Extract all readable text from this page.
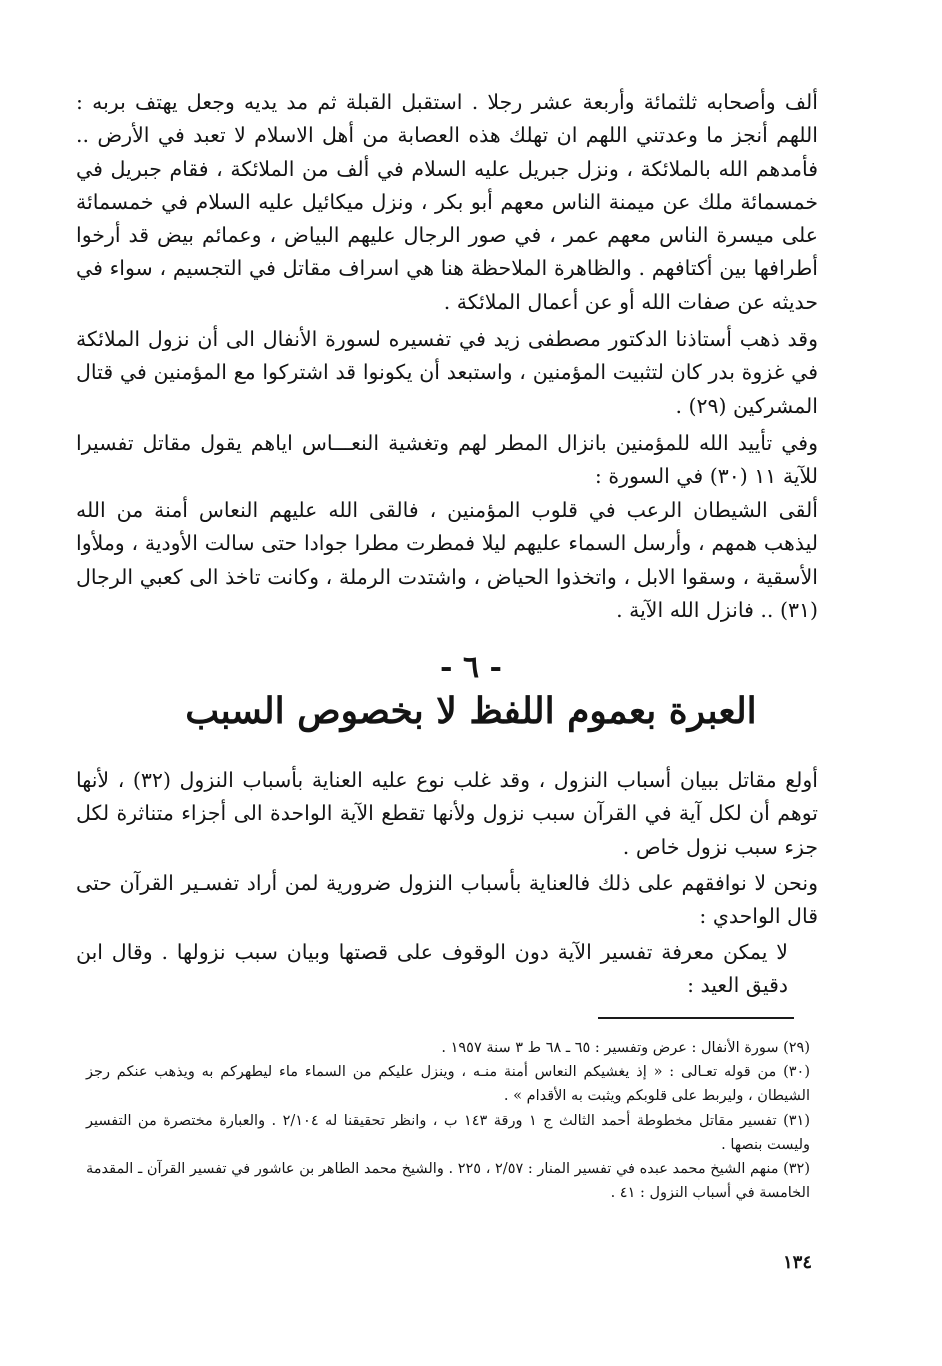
ألف وأصحابه ثلثمائة وأربعة عشر رجلا . استقبل القبلة ثم مد يديه وجعل يهتف بربه : اللهم أنجز ما وعدتني اللهم ان تهلك هذه العصابة من أهل الاسلام لا تعبد في الأرض .. فأمدهم الله بالملائكة ، ونزل جبريل عليه السلام في ألف من الملائكة ، فقام جبريل في خمسمائة ملك عن ميمنة الناس معهم أبو بكر ، ونزل ميكائيل عليه السلام في خمسمائة على ميسرة الناس معهم عمر ، في صور الرجال عليهم البياض ، وعمائم بيض قد أرخوا أطرافها بين أكتافهم . والظاهرة الملاحظة هنا هي اسراف مقاتل في التجسيم ، سواء في حديثه عن صفات الله أو عن أعمال الملائكة .

وقد ذهب أستاذنا الدكتور مصطفى زيد في تفسيره لسورة الأنفال الى أن نزول الملائكة في غزوة بدر كان لتثبيت المؤمنين ، واستبعد أن يكونوا قد اشتركوا مع المؤمنين في قتال المشركين (٢٩) .

وفي تأييد الله للمؤمنين بانزال المطر لهم وتغشية النعـــاس اياهم يقول مقاتل تفسيرا للآية ١١ (٣٠) في السورة :

ألقى الشيطان الرعب في قلوب المؤمنين ، فالقى الله عليهم النعاس أمنة من الله ليذهب همهم ، وأرسل السماء عليهم ليلا فمطرت مطرا جوادا حتى سالت الأودية ، وملأوا الأسقية ، وسقوا الابل ، واتخذوا الحياض ، واشتدت الرملة ، وكانت تاخذ الى كعبي الرجال (٣١) .. فانزل الله الآية .

- ٦ -
العبرة بعموم اللفظ لا بخصوص السبب

أولع مقاتل ببيان أسباب النزول ، وقد غلب نوع عليه العناية بأسباب النزول (٣٢) ، لأنها توهم أن لكل آية في القرآن سبب نزول ولأنها تقطع الآية الواحدة الى أجزاء متناثرة لكل جزء سبب نزول خاص .

ونحن لا نوافقهم على ذلك فالعناية بأسباب النزول ضرورية لمن أراد تفسـير القرآن حتى قال الواحدي :

لا يمكن معرفة تفسير الآية دون الوقوف على قصتها وبيان سبب نزولها . وقال ابن دقيق العيد :

(٢٩) سورة الأنفال : عرض وتفسير : ٦٥ ـ ٦٨ ط ٣ سنة ١٩٥٧ .

(٣٠) من قوله تعـالى : « إذ يغشيكم النعاس أمنة منـه ، وينزل عليكم من السماء ماء ليطهركم به ويذهب عنكم رجز الشيطان ، وليربط على قلوبكم ويثبت به الأقدام » .

(٣١) تفسير مقاتل مخطوطة أحمد الثالث ج ١ ورقة ١٤٣ ب ، وانظر تحقيقنا له ٢/١٠٤ . والعبارة مختصرة من التفسير وليست بنصها .

(٣٢) منهم الشيخ محمد عبده في تفسير المنار : ٢/٥٧ ، ٢٢٥ . والشيخ محمد الطاهر بن عاشور في تفسير القرآن ـ المقدمة الخامسة في أسباب النزول : ٤١ .

١٣٤
